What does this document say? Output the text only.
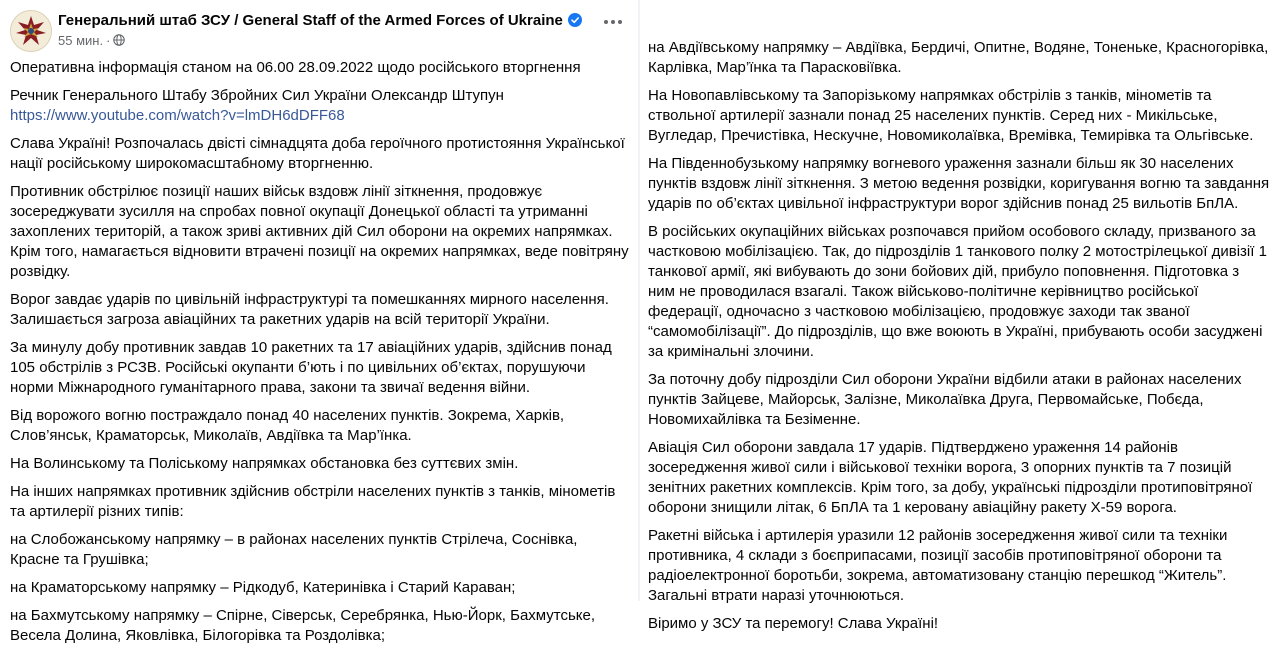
Генеральний штаб ЗСУ / General Staff of the Armed Forces of Ukraine
55 мин. ·

Оперативна інформація станом на 06.00 28.09.2022 щодо російського вторгнення

Речник Генерального Штабу Збройних Сил України Олександр Штупун
https://www.youtube.com/watch?v=lmDH6dDFF68

Слава Україні! Розпочалась двісті сімнадцята доба героїчного протистояння Української нації російському широкомасштабному вторгненню.

Противник обстрілює позиції наших військ вздовж лінії зіткнення, продовжує зосереджувати зусилля на спробах повної окупації Донецької області та утриманні захоплених територій, а також зриві активних дій Сил оборони на окремих напрямках. Крім того, намагається відновити втрачені позиції на окремих напрямках, веде повітряну розвідку.

Ворог завдає ударів по цивільній інфраструктурі та помешканнях мирного населення. Залишається загроза авіаційних та ракетних ударів на всій території України.

За минулу добу противник завдав 10 ракетних та 17 авіаційних ударів, здійснив понад 105 обстрілів з РСЗВ. Російські окупанти б’ють і по цивільних об’єктах, порушуючи норми Міжнародного гуманітарного права, закони та звичаї ведення війни.

Від ворожого вогню постраждало понад 40 населених пунктів. Зокрема, Харків, Слов’янськ, Краматорськ, Миколаїв, Авдіївка та Мар’їнка.

На Волинському та Поліському напрямках обстановка без суттєвих змін.

На інших напрямках противник здійснив обстріли населених пунктів з танків, мінометів та артилерії різних типів:

на Слобожанському напрямку – в районах населених пунктів Стрілеча, Соснівка, Красне та Грушівка;

на Краматорському напрямку – Рідкодуб, Катеринівка і Старий Караван;

на Бахмутському напрямку – Спірне, Сіверськ, Серебрянка, Нью-Йорк, Бахмутське, Весела Долина, Яковлівка, Білогорівка та Роздолівка;

на Авдіївському напрямку – Авдіївка, Бердичі, Опитне, Водяне, Тоненьке, Красногорівка, Карлівка, Мар’їнка та Парасковіївка.

На Новопавлівському та Запорізькому напрямках обстрілів з танків, мінометів та ствольної артилерії зазнали понад 25 населених пунктів. Серед них - Микільське, Вугледар, Пречистівка, Нескучне, Новомиколаївка, Времівка, Темирівка та Ольгівське.

На Південнобузькому напрямку вогневого ураження зазнали більш як 30 населених пунктів вздовж лінії зіткнення. З метою ведення розвідки, коригування вогню та завдання ударів по об’єктах цивільної інфраструктури ворог здійснив понад 25 вильотів БпЛА.

В російських окупаційних військах розпочався прийом особового складу, призваного за частковою мобілізацією. Так, до підрозділів 1 танкового полку 2 мотострілецької дивізії 1 танкової армії, які вибувають до зони бойових дій, прибуло поповнення. Підготовка з ним не проводилася взагалі. Також військово-політичне керівництво російської федерації, одночасно з частковою мобілізацією, продовжує заходи так званої “самомобілізації”. До підрозділів, що вже воюють в Україні, прибувають особи засуджені за кримінальні злочини.

За поточну добу підрозділи Сил оборони України відбили атаки в районах населених пунктів Зайцеве, Майорськ, Залізне, Миколаївка Друга, Первомайське, Побєда, Новомихайлівка та Безіменне.

Авіація Сил оборони завдала 17 ударів. Підтверджено ураження 14 районів зосередження живої сили і військової техніки ворога, 3 опорних пунктів та 7 позицій зенітних ракетних комплексів. Крім того, за добу, українські підрозділи протиповітряної оборони знищили літак, 6 БпЛА та 1 керовану авіаційну ракету Х-59 ворога.

Ракетні війська і артилерія уразили 12 районів зосередження живої сили та техніки противника, 4 склади з боєприпасами, позиції засобів протиповітряної оборони та радіоелектронної боротьби, зокрема, автоматизовану станцію перешкод “Житель”. Загальні втрати наразі уточнюються.

Віримо у ЗСУ та перемогу! Слава Україні!
